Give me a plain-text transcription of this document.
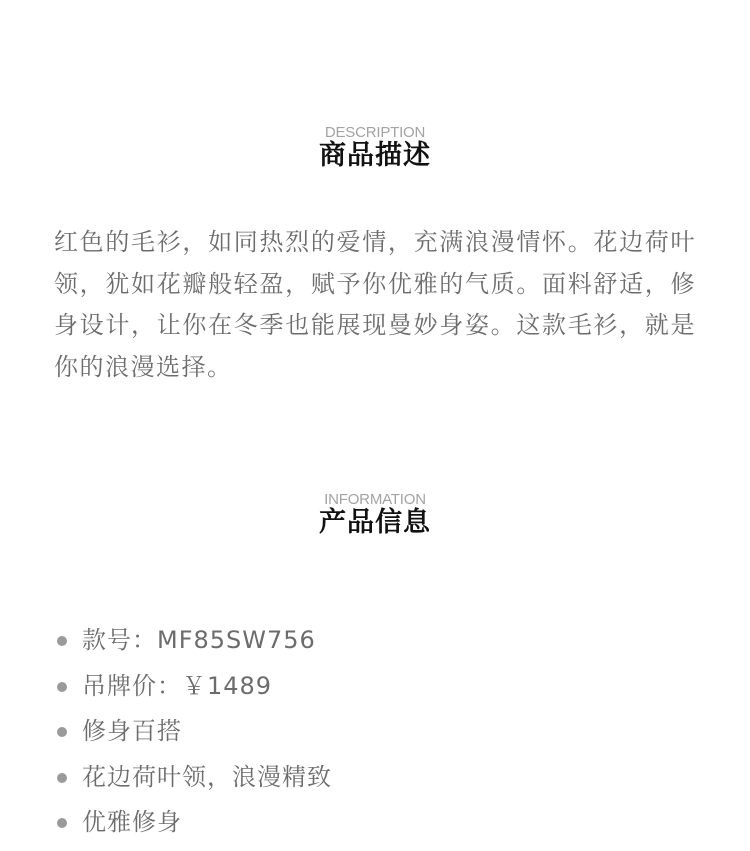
DESCRIPTION
商品描述

红色的毛衫，如同热烈的爱情，充满浪漫情怀。花边荷叶领，犹如花瓣般轻盈，赋予你优雅的气质。面料舒适，修身设计，让你在冬季也能展现曼妙身姿。这款毛衫，就是你的浪漫选择。

INFORMATION
产品信息
款号：MF85SW756
吊牌价：￥1489
修身百搭
花边荷叶领，浪漫精致
优雅修身
